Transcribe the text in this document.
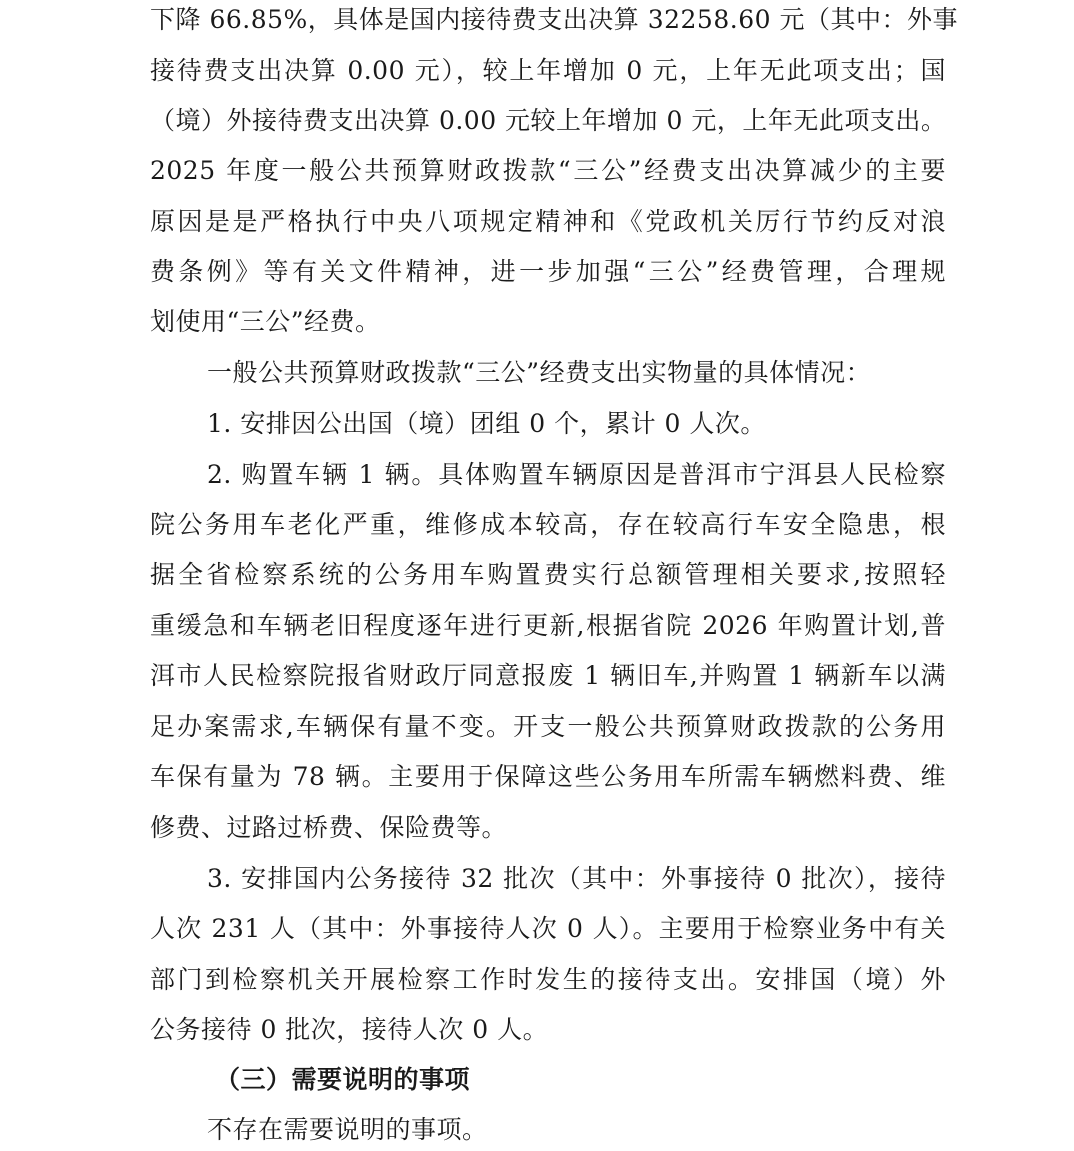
下降 66.85%，具体是国内接待费支出决算 32258.60 元（其中：外事
接待费支出决算 0.00 元），较上年增加 0 元，上年无此项支出；国
（境）外接待费支出决算 0.00 元较上年增加 0 元，上年无此项支出。
2025 年度一般公共预算财政拨款“三公”经费支出决算减少的主要
原因是是严格执行中央八项规定精神和《党政机关厉行节约反对浪
费条例》等有关文件精神，进一步加强“三公”经费管理，合理规
划使用“三公”经费。
一般公共预算财政拨款“三公”经费支出实物量的具体情况：
1. 安排因公出国（境）团组 0 个，累计 0 人次。
2. 购置车辆 1 辆。具体购置车辆原因是普洱市宁洱县人民检察
院公务用车老化严重，维修成本较高，存在较高行车安全隐患，根
据全省检察系统的公务用车购置费实行总额管理相关要求,按照轻
重缓急和车辆老旧程度逐年进行更新,根据省院 2026 年购置计划,普
洱市人民检察院报省财政厅同意报废 1 辆旧车,并购置 1 辆新车以满
足办案需求,车辆保有量不变。开支一般公共预算财政拨款的公务用
车保有量为 78 辆。主要用于保障这些公务用车所需车辆燃料费、维
修费、过路过桥费、保险费等。
3. 安排国内公务接待 32 批次（其中：外事接待 0 批次），接待
人次 231 人（其中：外事接待人次 0 人）。主要用于检察业务中有关
部门到检察机关开展检察工作时发生的接待支出。安排国（境）外
公务接待 0 批次，接待人次 0 人。
（三）需要说明的事项
不存在需要说明的事项。
